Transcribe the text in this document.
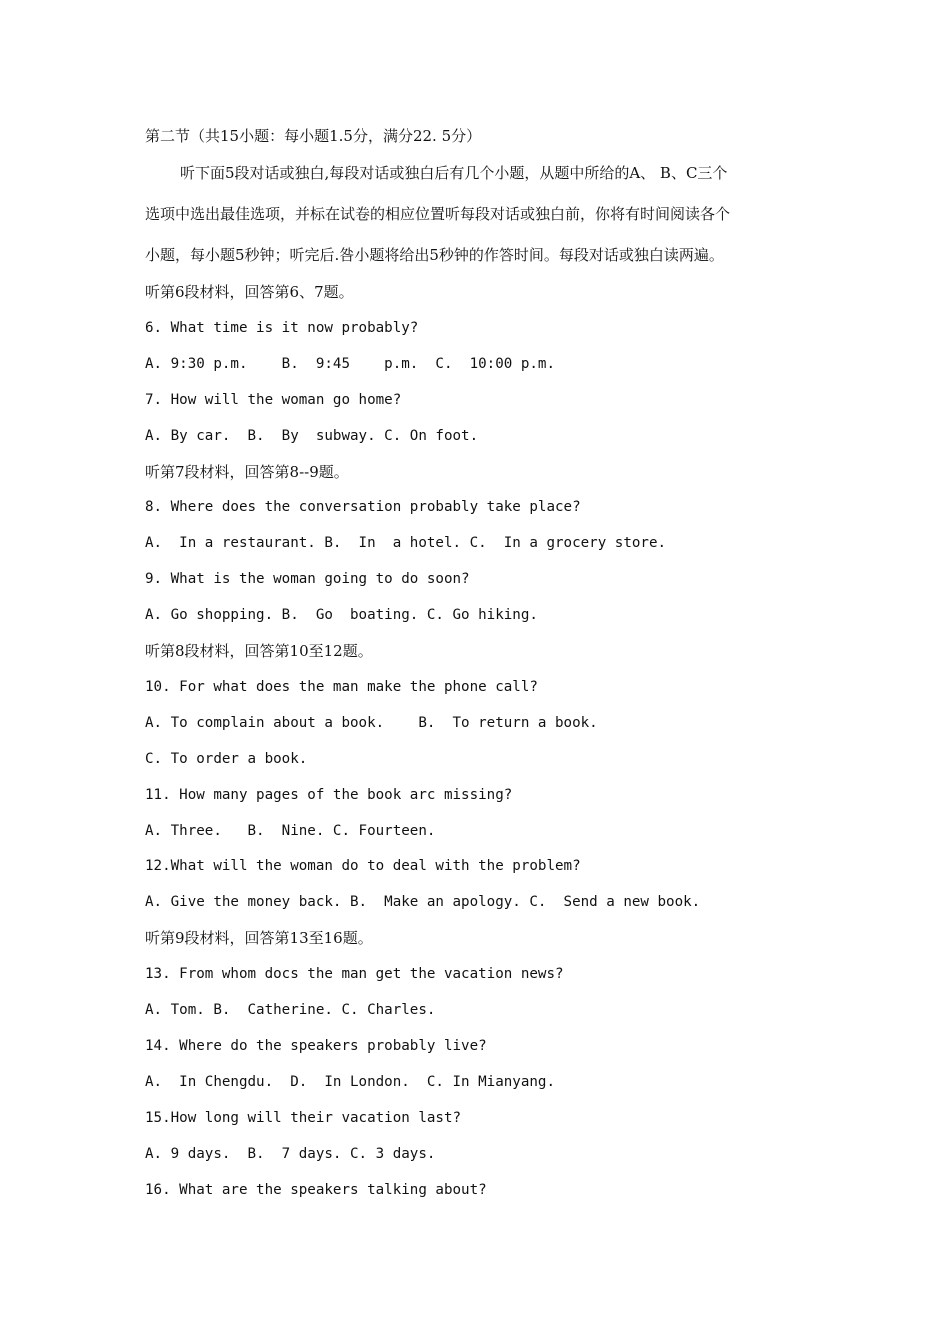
第二节（共15小题：每小题1.5分，满分22. 5分）
听下面5段对话或独白,每段对话或独白后有几个小题，从题中所给的A、 B、C三个
选项中选出最佳选项，并标在试卷的相应位置听每段对话或独白前，你将有时间阅读各个
小题，每小题5秒钟；听完后.咎小题将给出5秒钟的作答时间。每段对话或独白读两遍。
听第6段材料，回答第6、7题。
6. What time is it now probably?
A. 9:30 p.m.    B.  9:45    p.m.  C.  10:00 p.m.
7. How will the woman go home?
A. By car.  B.  By  subway. C. On foot.
听第7段材料，回答第8--9题。
8. Where does the conversation probably take place?
A.  In a restaurant. B.  In  a hotel. C.  In a grocery store.
9. What is the woman going to do soon?
A. Go shopping. B.  Go  boating. C. Go hiking.
听第8段材料，回答第10至12题。
10. For what does the man make the phone call?
A. To complain about a book.    B.  To return a book.
C. To order a book.
11. How many pages of the book arc missing?
A. Three.   B.  Nine. C. Fourteen.
12.What will the woman do to deal with the problem?
A. Give the money back. B.  Make an apology. C.  Send a new book.
听第9段材料，回答第13至16题。
13. From whom docs the man get the vacation news?
A. Tom. B.  Catherine. C. Charles.
14. Where do the speakers probably live?
A.  In Chengdu.  D.  In London.  C. In Mianyang.
15.How long will their vacation last?
A. 9 days.  B.  7 days. C. 3 days.
16. What are the speakers talking about?
